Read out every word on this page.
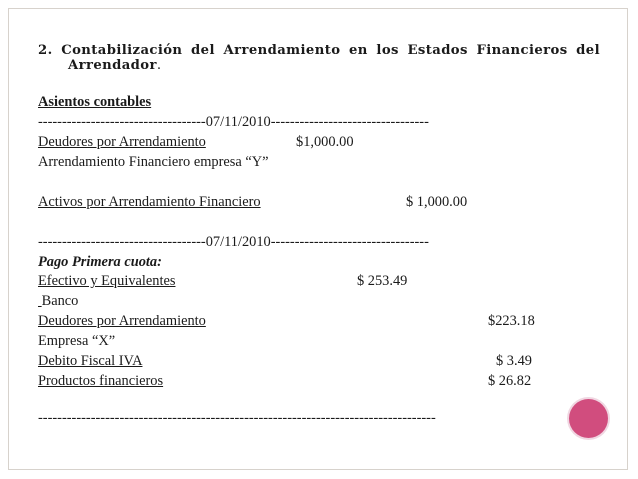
2. Contabilización del Arrendamiento en los Estados Financieros del
Arrendador.
Asientos contables
-----------------------------------07/11/2010---------------------------------
Deudores por Arrendamiento	$1,000.00
Arrendamiento Financiero empresa “Y”
Activos por Arrendamiento Financiero	$ 1,000.00
-----------------------------------07/11/2010---------------------------------
Pago Primera cuota:
Efectivo y Equivalentes	$ 253.49
Banco
Deudores por Arrendamiento	$223.18
Empresa “X”
Debito Fiscal IVA	$ 3.49
Productos financieros	$ 26.82
-----------------------------------------------------------------------------------
